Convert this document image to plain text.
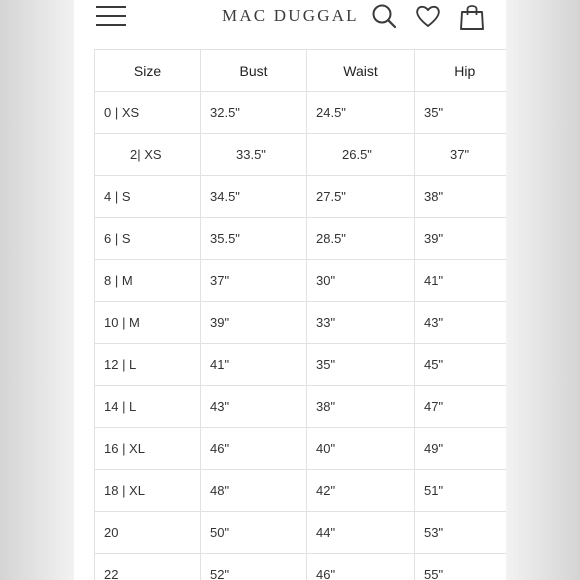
MAC DUGGAL
Size	Bust	Waist	Hip
0 | XS	32.5"	24.5"	35"
2| XS	33.5"	26.5"	37"
4 | S	34.5"	27.5"	38"
6 | S	35.5"	28.5"	39"
8 | M	37"	30"	41"
10 | M	39"	33"	43"
12 | L	41"	35"	45"
14 | L	43"	38"	47"
16 | XL	46"	40"	49"
18 | XL	48"	42"	51"
20	50"	44"	53"
22	52"	46"	55"
